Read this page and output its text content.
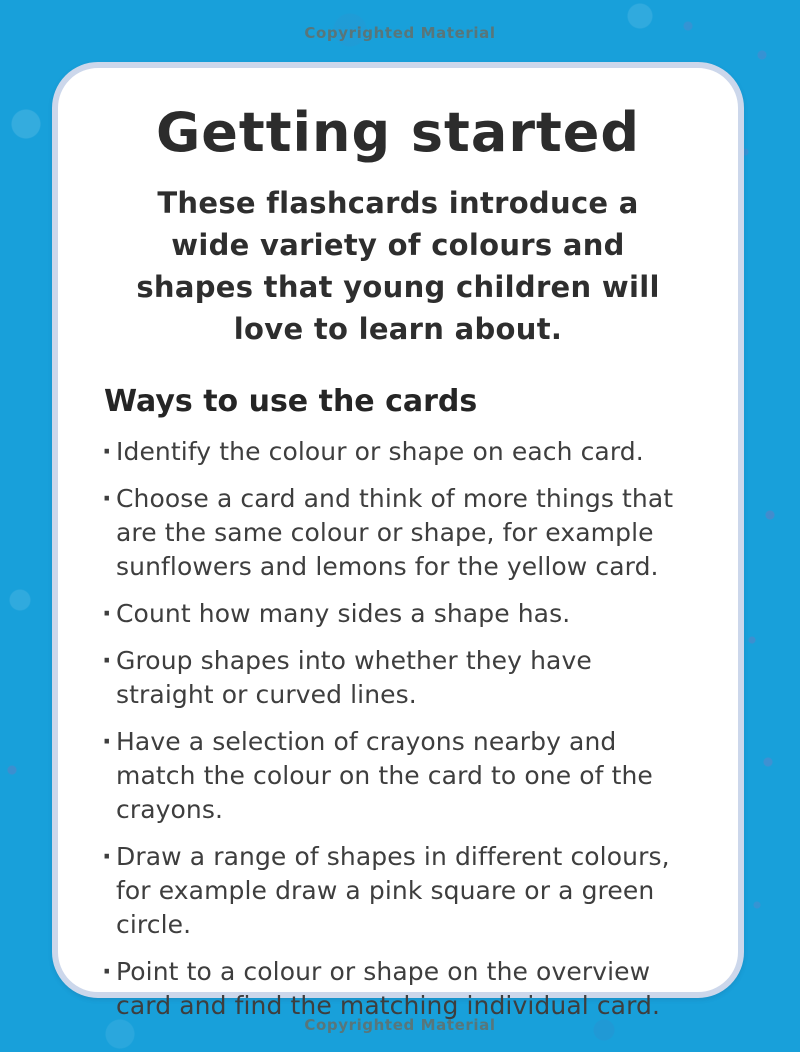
Copyrighted Material
Getting started
These flashcards introduce a
wide variety of colours and
shapes that young children will
love to learn about.
Ways to use the cards
· Identify the colour or shape on each card.
· Choose a card and think of more things that are the same colour or shape, for example sunflowers and lemons for the yellow card.
· Count how many sides a shape has.
· Group shapes into whether they have straight or curved lines.
· Have a selection of crayons nearby and match the colour on the card to one of the crayons.
· Draw a range of shapes in different colours, for example draw a pink square or a green circle.
· Point to a colour or shape on the overview card and find the matching individual card.
Copyrighted Material
